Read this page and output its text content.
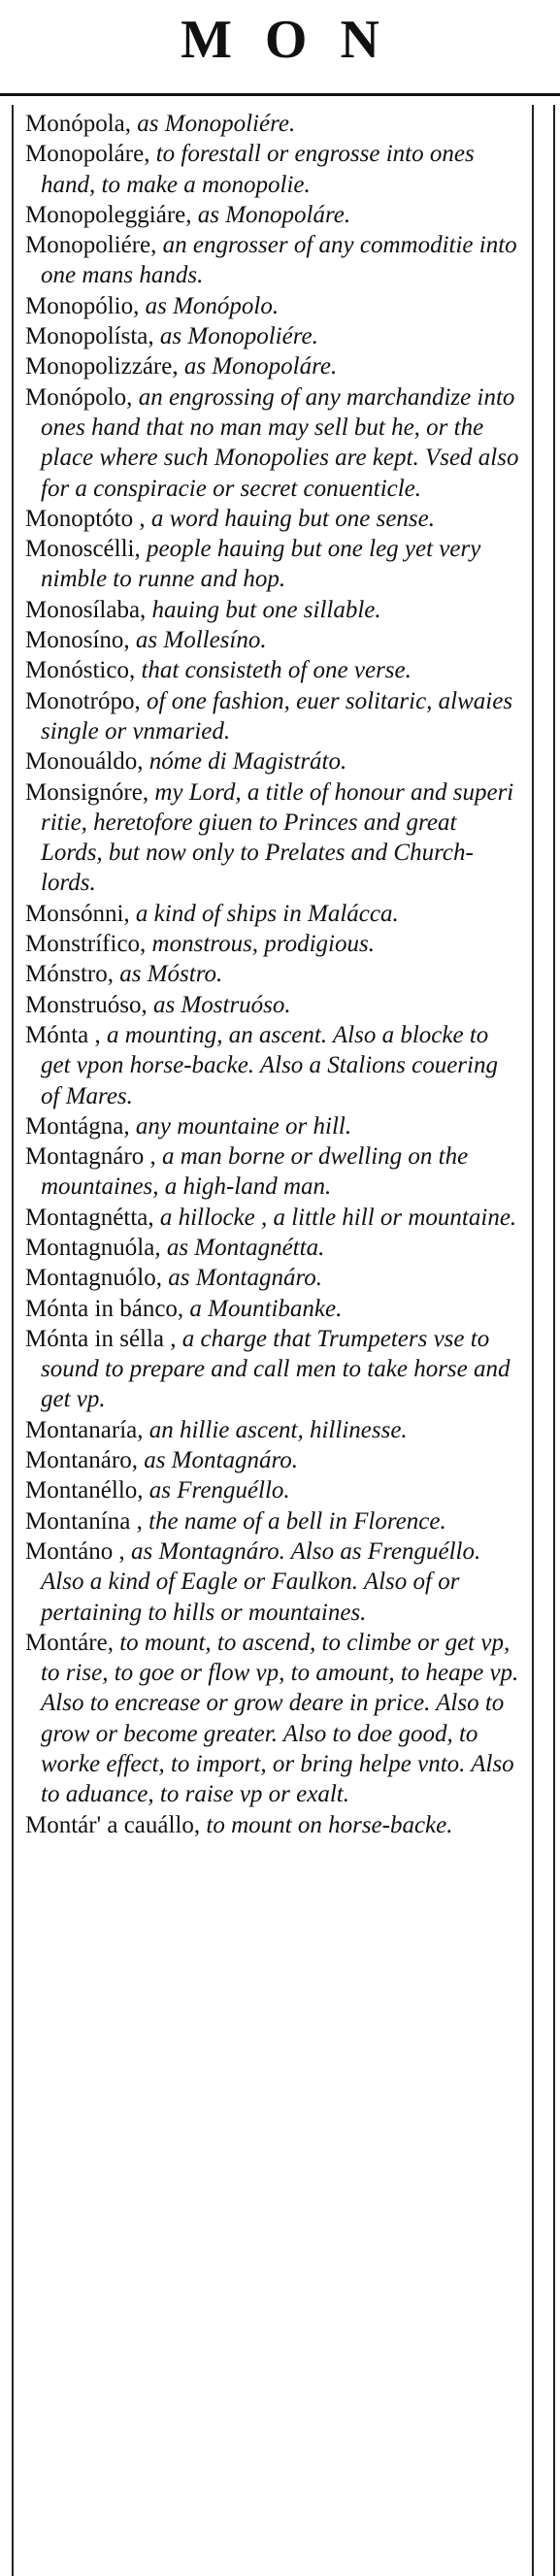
MON

Monópola, as Monopoliére.

Monopoláre, to forestall or engrosse into ones hand, to make a monopolie.

Monopoleggiáre, as Monopoláre.

Monopoliére, an engrosser of any commoditie into one mans hands.

Monopólio, as Monópolo.

Monopolísta, as Monopoliére.

Monopolizzáre, as Monopoláre.

Monópolo, an engrossing of any marchandize into ones hand that no man may sell but he, or the place where such Monopolies are kept. Vsed also for a conspiracie or secret conuenticle.

Monoptóto , a word hauing but one sense.

Monoscélli, people hauing but one leg yet very nimble to runne and hop.

Monosílaba, hauing but one sillable.

Monosíno, as Mollesíno.

Monóstico, that consisteth of one verse.

Monotrópo, of one fashion, euer solitaric, alwaies single or vnmaried.

Monouáldo, nóme di Magistráto.

Monsignóre, my Lord, a title of honour and superi ritie, heretofore giuen to Princes and great Lords, but now only to Prelates and Church-lords.

Monsónni, a kind of ships in Malácca.

Monstrífico, monstrous, prodigious.

Mónstro, as Móstro.

Monstruóso, as Mostruóso.

Mónta , a mounting, an ascent. Also a blocke to get vpon horse-backe. Also a Stalions couering of Mares.

Montágna, any mountaine or hill.

Montagnáro , a man borne or dwelling on the mountaines, a high-land man.

Montagnétta, a hillocke , a little hill or mountaine.

Montagnuóla, as Montagnétta.

Montagnuólo, as Montagnáro.

Mónta in bánco, a Mountibanke.

Mónta in sélla , a charge that Trumpeters vse to sound to prepare and call men to take horse and get vp.

Montanaría, an hillie ascent, hillinesse.

Montanáro, as Montagnáro.

Montanéllo, as Frenguéllo.

Montanína , the name of a bell in Florence.

Montáno , as Montagnáro. Also as Frenguéllo. Also a kind of Eagle or Faulkon. Also of or pertaining to hills or mountaines.

Montáre, to mount, to ascend, to climbe or get vp, to rise, to goe or flow vp, to amount, to heape vp. Also to encrease or grow deare in price. Also to grow or become greater. Also to doe good, to worke effect, to import, or bring helpe vnto. Also to aduance, to raise vp or exalt.

Montár' a cauállo, to mount on horse-backe.
